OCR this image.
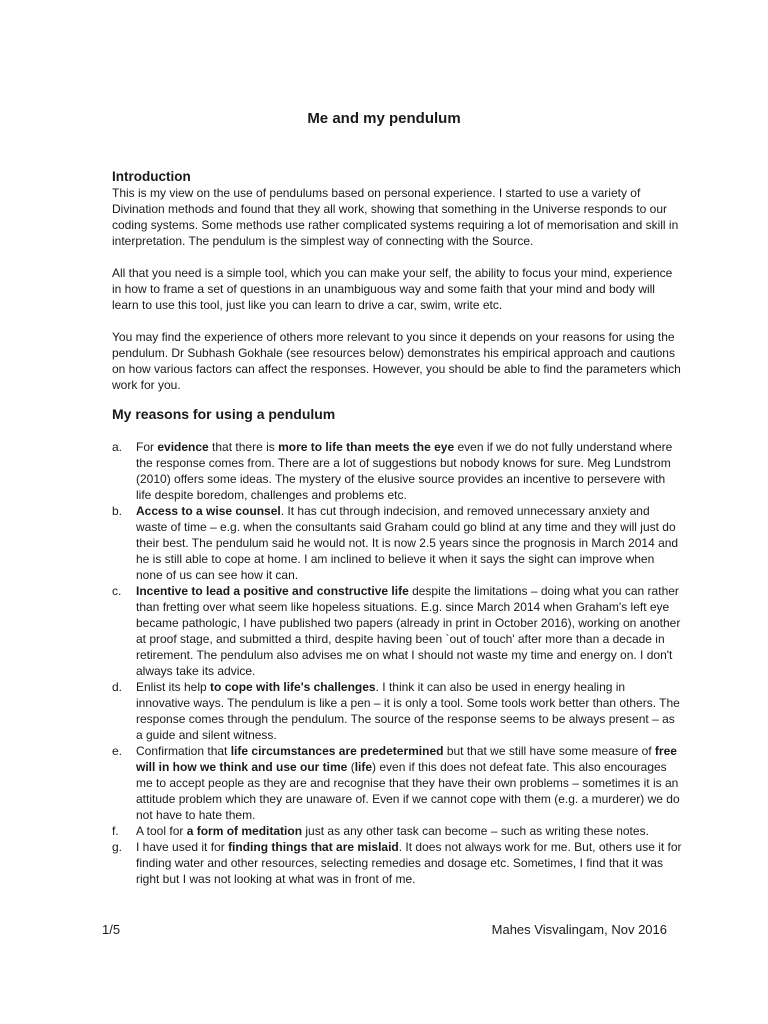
Me and my pendulum
Introduction

This is my view on the use of pendulums based on personal experience. I started to use a variety of Divination methods and found that they all work, showing that something in the Universe responds to our coding systems. Some methods use rather complicated systems requiring a lot of memorisation and skill in interpretation. The pendulum is the simplest way of connecting with the Source.

All that you need is a simple tool, which you can make your self, the ability to focus your mind, experience in how to frame a set of questions in an unambiguous way and some faith that your mind and body will learn to use this tool, just like you can learn to drive a car, swim, write etc.

You may find the experience of others more relevant to you since it depends on your reasons for using the pendulum. Dr Subhash Gokhale (see resources below) demonstrates his empirical approach and cautions on how various factors can affect the responses. However, you should be able to find the parameters which work for you.

My reasons for using a pendulum
a. For evidence that there is more to life than meets the eye even if we do not fully understand where the response comes from. There are a lot of suggestions but nobody knows for sure. Meg Lundstrom (2010) offers some ideas. The mystery of the elusive source provides an incentive to persevere with life despite boredom, challenges and problems etc.
b. Access to a wise counsel. It has cut through indecision, and removed unnecessary anxiety and waste of time – e.g. when the consultants said Graham could go blind at any time and they will just do their best. The pendulum said he would not. It is now 2.5 years since the prognosis in March 2014 and he is still able to cope at home. I am inclined to believe it when it says the sight can improve when none of us can see how it can.
c. Incentive to lead a positive and constructive life despite the limitations – doing what you can rather than fretting over what seem like hopeless situations. E.g. since March 2014 when Graham's left eye became pathologic, I have published two papers (already in print in October 2016), working on another at proof stage, and submitted a third, despite having been `out of touch' after more than a decade in retirement. The pendulum also advises me on what I should not waste my time and energy on. I don't always take its advice.
d. Enlist its help to cope with life's challenges. I think it can also be used in energy healing in innovative ways. The pendulum is like a pen – it is only a tool. Some tools work better than others. The response comes through the pendulum. The source of the response seems to be always present – as a guide and silent witness.
e. Confirmation that life circumstances are predetermined but that we still have some measure of free will in how we think and use our time (life) even if this does not defeat fate. This also encourages me to accept people as they are and recognise that they have their own problems – sometimes it is an attitude problem which they are unaware of. Even if we cannot cope with them (e.g. a murderer) we do not have to hate them.
f. A tool for a form of meditation just as any other task can become – such as writing these notes.
g. I have used it for finding things that are mislaid. It does not always work for me. But, others use it for finding water and other resources, selecting remedies and dosage etc. Sometimes, I find that it was right but I was not looking at what was in front of me.
1/5	Mahes Visvalingam, Nov 2016
